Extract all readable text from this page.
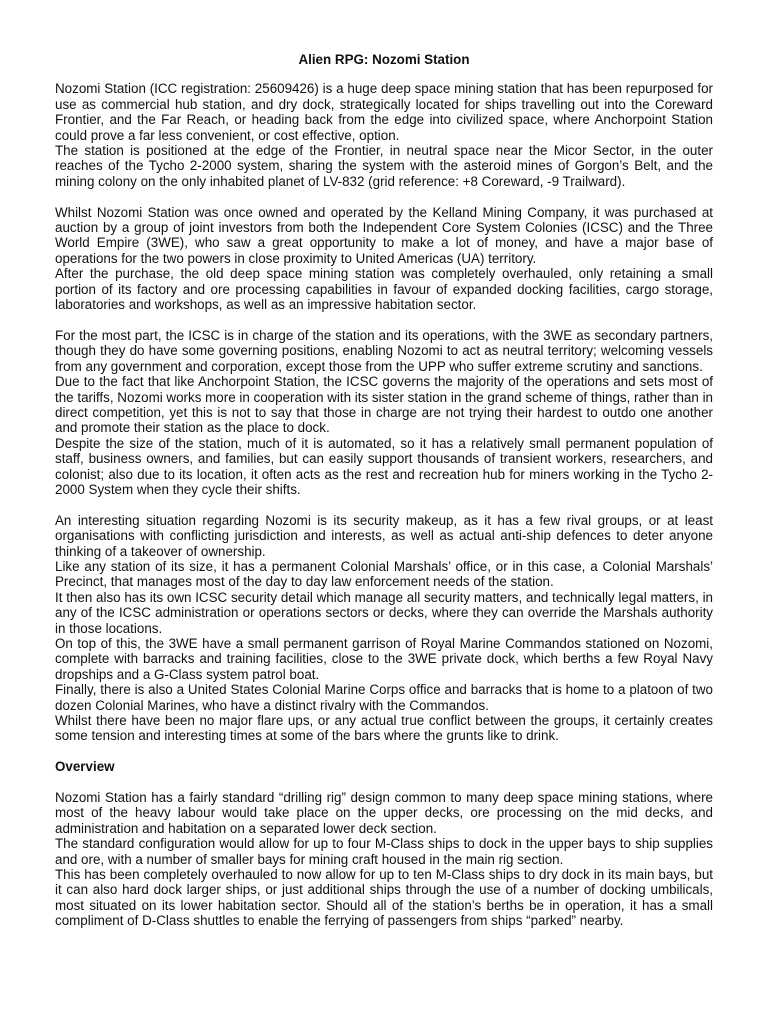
Alien RPG: Nozomi Station

Nozomi Station (ICC registration: 25609426) is a huge deep space mining station that has been repurposed for use as commercial hub station, and dry dock, strategically located for ships travelling out into the Coreward Frontier, and the Far Reach, or heading back from the edge into civilized space, where Anchorpoint Station could prove a far less convenient, or cost effective, option.

The station is positioned at the edge of the Frontier, in neutral space near the Micor Sector, in the outer reaches of the Tycho 2-2000 system, sharing the system with the asteroid mines of Gorgon’s Belt, and the mining colony on the only inhabited planet of LV-832 (grid reference: +8 Coreward, -9 Trailward).

Whilst Nozomi Station was once owned and operated by the Kelland Mining Company, it was purchased at auction by a group of joint investors from both the Independent Core System Colonies (ICSC) and the Three World Empire (3WE), who saw a great opportunity to make a lot of money, and have a major base of operations for the two powers in close proximity to United Americas (UA) territory.

After the purchase, the old deep space mining station was completely overhauled, only retaining a small portion of its factory and ore processing capabilities in favour of expanded docking facilities, cargo storage, laboratories and workshops, as well as an impressive habitation sector.

For the most part, the ICSC is in charge of the station and its operations, with the 3WE as secondary partners, though they do have some governing positions, enabling Nozomi to act as neutral territory; welcoming vessels from any government and corporation, except those from the UPP who suffer extreme scrutiny and sanctions.

Due to the fact that like Anchorpoint Station, the ICSC governs the majority of the operations and sets most of the tariffs, Nozomi works more in cooperation with its sister station in the grand scheme of things, rather than in direct competition, yet this is not to say that those in charge are not trying their hardest to outdo one another and promote their station as the place to dock.

Despite the size of the station, much of it is automated, so it has a relatively small permanent population of staff, business owners, and families, but can easily support thousands of transient workers, researchers, and colonist; also due to its location, it often acts as the rest and recreation hub for miners working in the Tycho 2-2000 System when they cycle their shifts.

An interesting situation regarding Nozomi is its security makeup, as it has a few rival groups, or at least organisations with conflicting jurisdiction and interests, as well as actual anti-ship defences to deter anyone thinking of a takeover of ownership.

Like any station of its size, it has a permanent Colonial Marshals’ office, or in this case, a Colonial Marshals’ Precinct, that manages most of the day to day law enforcement needs of the station.

It then also has its own ICSC security detail which manage all security matters, and technically legal matters, in any of the ICSC administration or operations sectors or decks, where they can override the Marshals authority in those locations.

On top of this, the 3WE have a small permanent garrison of Royal Marine Commandos stationed on Nozomi, complete with barracks and training facilities, close to the 3WE private dock, which berths a few Royal Navy dropships and a G-Class system patrol boat.

Finally, there is also a United States Colonial Marine Corps office and barracks that is home to a platoon of two dozen Colonial Marines, who have a distinct rivalry with the Commandos.

Whilst there have been no major flare ups, or any actual true conflict between the groups, it certainly creates some tension and interesting times at some of the bars where the grunts like to drink.

Overview

Nozomi Station has a fairly standard “drilling rig” design common to many deep space mining stations, where most of the heavy labour would take place on the upper decks, ore processing on the mid decks, and administration and habitation on a separated lower deck section.

The standard configuration would allow for up to four M-Class ships to dock in the upper bays to ship supplies and ore, with a number of smaller bays for mining craft housed in the main rig section.

This has been completely overhauled to now allow for up to ten M-Class ships to dry dock in its main bays, but it can also hard dock larger ships, or just additional ships through the use of a number of docking umbilicals, most situated on its lower habitation sector. Should all of the station’s berths be in operation, it has a small compliment of D-Class shuttles to enable the ferrying of passengers from ships “parked” nearby.
